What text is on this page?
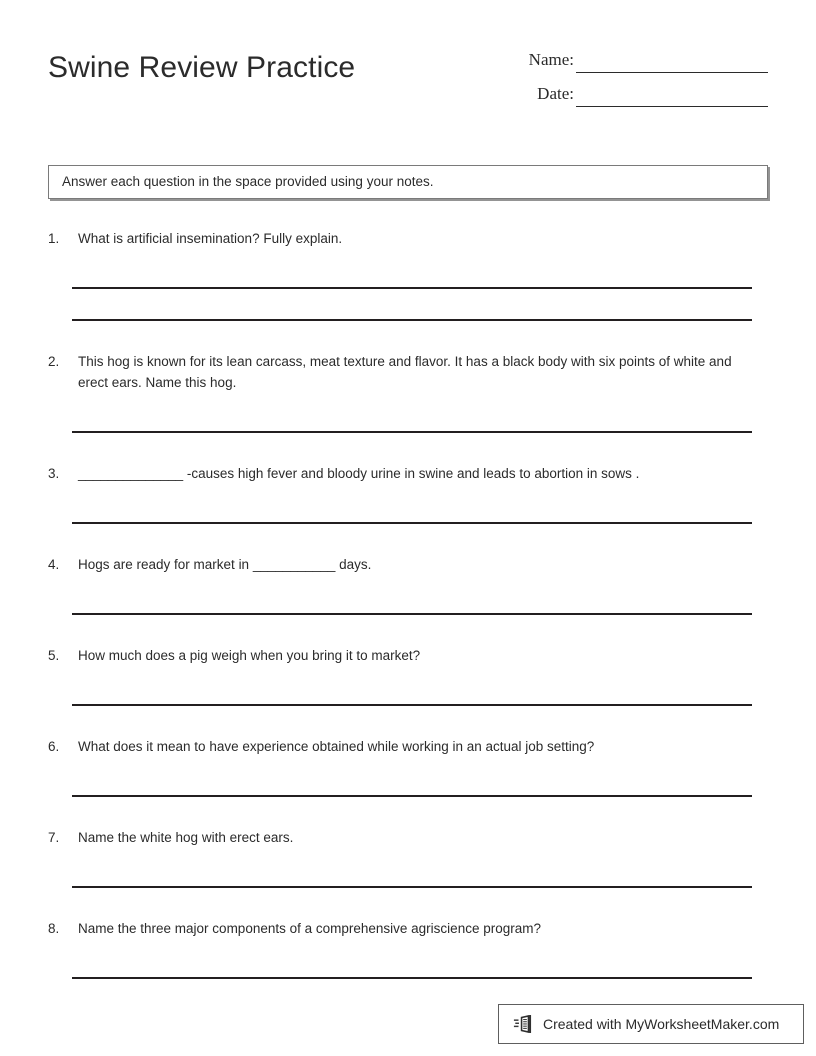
Swine Review Practice	Name:
Date:
Answer each question in the space provided using your notes.
1. What is artificial insemination? Fully explain.
2. This hog is known for its lean carcass, meat texture and flavor. It has a black body with six points of white and erect ears. Name this hog.
3. ______________ -causes high fever and bloody urine in swine and leads to abortion in sows .
4. Hogs are ready for market in ___________ days.
5. How much does a pig weigh when you bring it to market?
6. What does it mean to have experience obtained while working in an actual job setting?
7. Name the white hog with erect ears.
8. Name the three major components of a comprehensive agriscience program?
Created with MyWorksheetMaker.com
